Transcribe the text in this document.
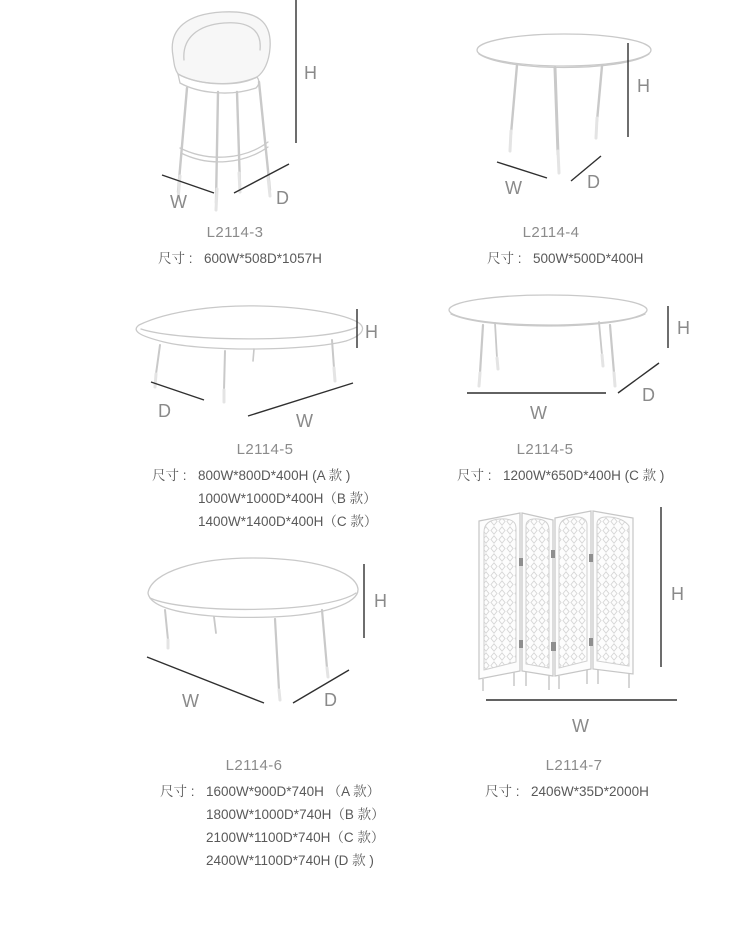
H
W	D
L2114-3
尺寸 : 600W*508D*1057H
H
W	D
L2114-4
尺寸 : 500W*500D*400H
H
D	W
L2114-5
尺寸 : 800W*800D*400H (A 款 )
1000W*1000D*400H（B 款）
1400W*1400D*400H（C 款）
W
D
H
L2114-5
尺寸 : 1200W*650D*400H (C 款 )
W	D
H
L2114-6
尺寸 : 1600W*900D*740H （A 款）
1800W*1000D*740H（B 款）
2100W*1100D*740H（C 款）
2400W*1100D*740H (D 款 )
H
W
L2114-7
尺寸 : 2406W*35D*2000H
